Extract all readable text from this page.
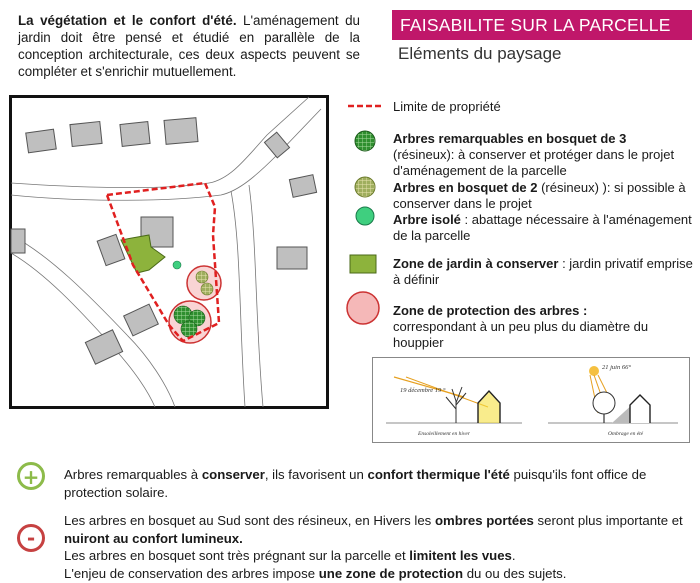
La végétation et le confort d'été. L'aménagement du jardin doit être pensé et étudié en parallèle de la conception architecturale, ces deux aspects peuvent se compléter et s'enrichir mutuellement.
FAISABILITE SUR LA PARCELLE
Eléments du paysage
Limite de propriété
Arbres remarquables en bosquet de 3
(résineux): à conserver et protéger dans le projet d'aménagement de la parcelle
Arbres en bosquet de 2 (résineux) ): si possible à conserver dans le projet
Arbre isolé : abattage nécessaire à l'aménagement de la parcelle
Zone de jardin à conserver : jardin privatif emprise à définir
Zone de protection des arbres :
correspondant à un peu plus du diamètre du houppier
19 décembre 19 °
Ensoleillement en hiver
21 juin 66°
Ombrage en été
+	Arbres remarquables à conserver, ils favorisent un confort thermique l'été puisqu'ils font office de protection solaire.
-
Les arbres en bosquet au Sud sont des résineux, en Hivers les ombres portées seront plus importante et nuiront au confort lumineux.
Les arbres en bosquet sont très prégnant sur la parcelle et limitent les vues.
L'enjeu de conservation des arbres impose une zone de protection du ou des sujets.
